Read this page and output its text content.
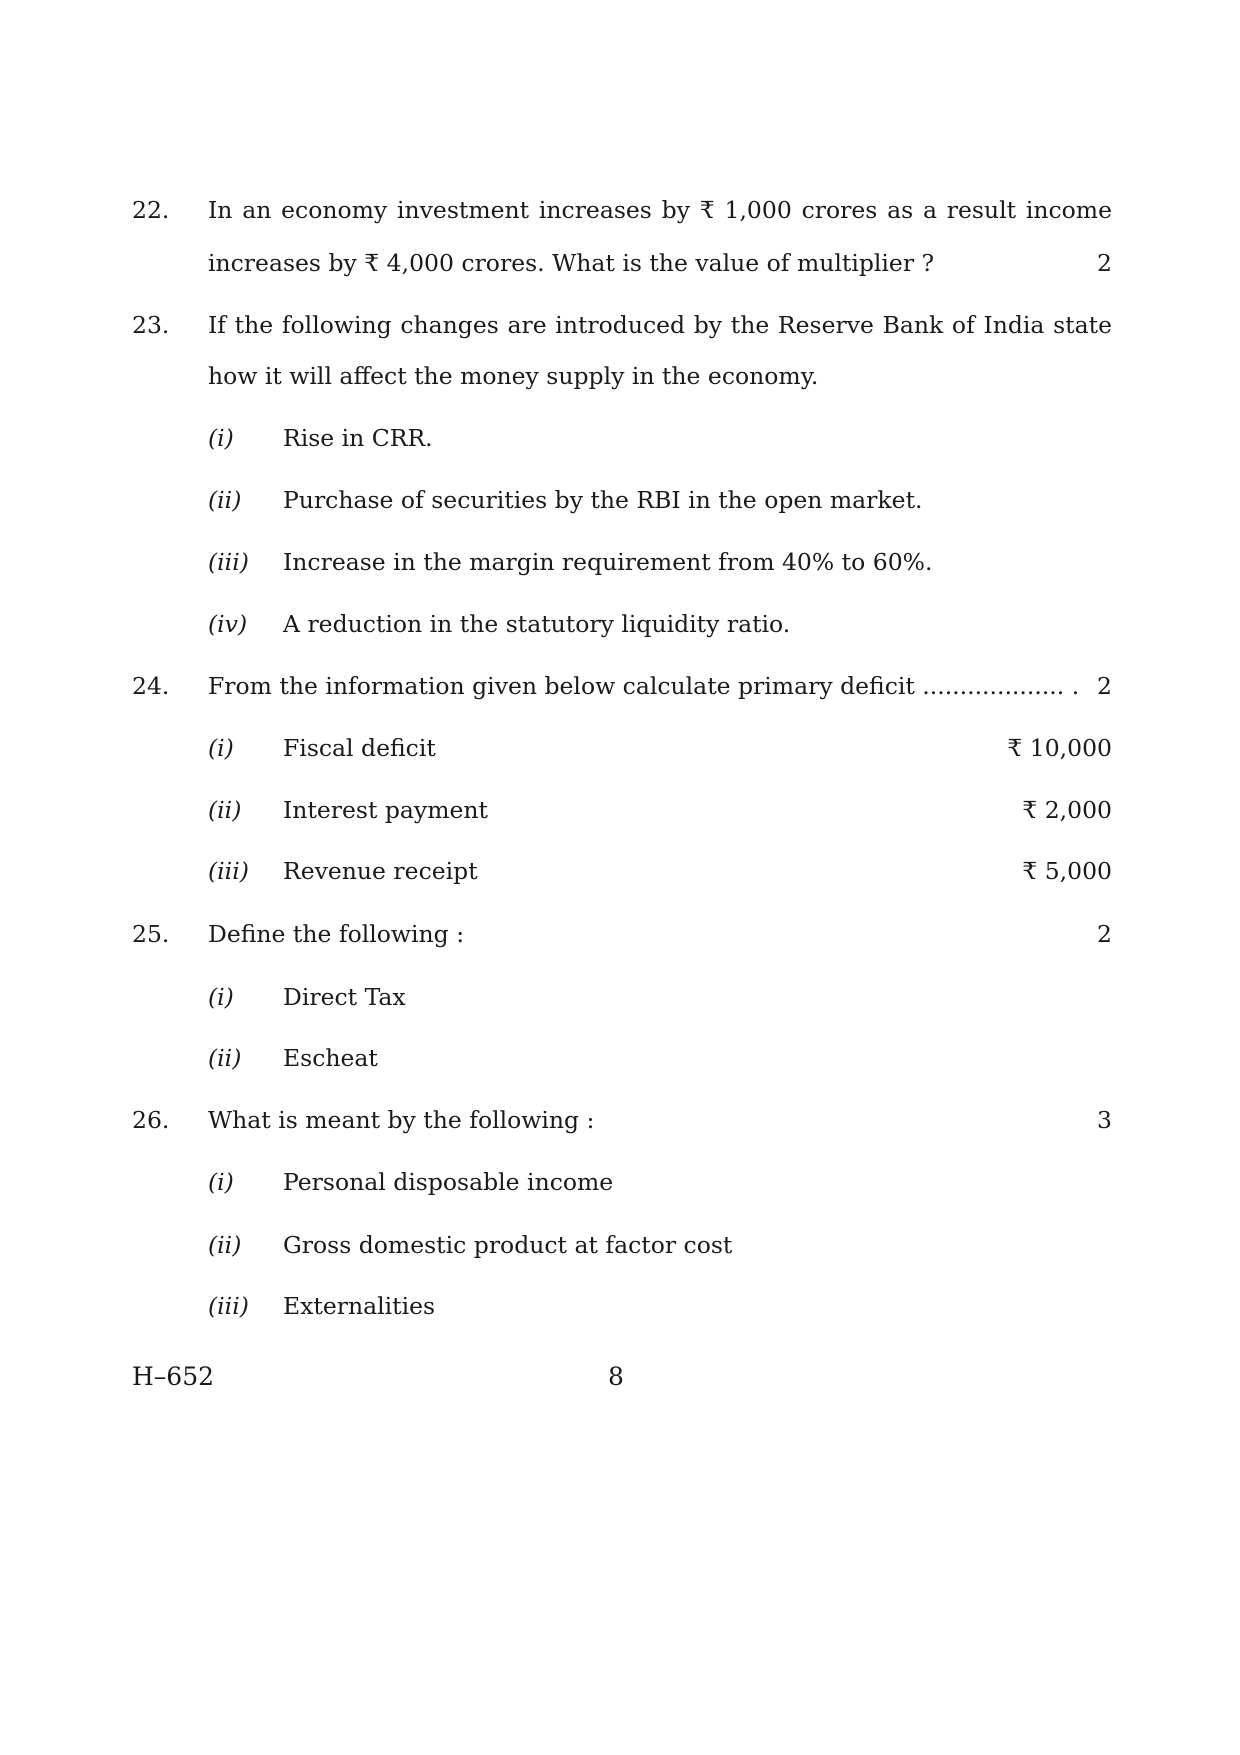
22. In an economy investment increases by ₹ 1,000 crores as a result income
increases by ₹ 4,000 crores. What is the value of multiplier ?	2
23. If the following changes are introduced by the Reserve Bank of India state
how it will affect the money supply in the economy.
(i) Rise in CRR.
(ii) Purchase of securities by the RBI in the open market.
(iii) Increase in the margin requirement from 40% to 60%.
(iv) A reduction in the statutory liquidity ratio.
24. From the information given below calculate primary deficit ................... . 2
(i) Fiscal deficit	₹ 10,000
(ii) Interest payment	₹ 2,000
(iii) Revenue receipt	₹ 5,000
25. Define the following :	2
(i) Direct Tax
(ii) Escheat
26. What is meant by the following :	3
(i) Personal disposable income
(ii) Gross domestic product at factor cost
(iii) Externalities
H–652	8
